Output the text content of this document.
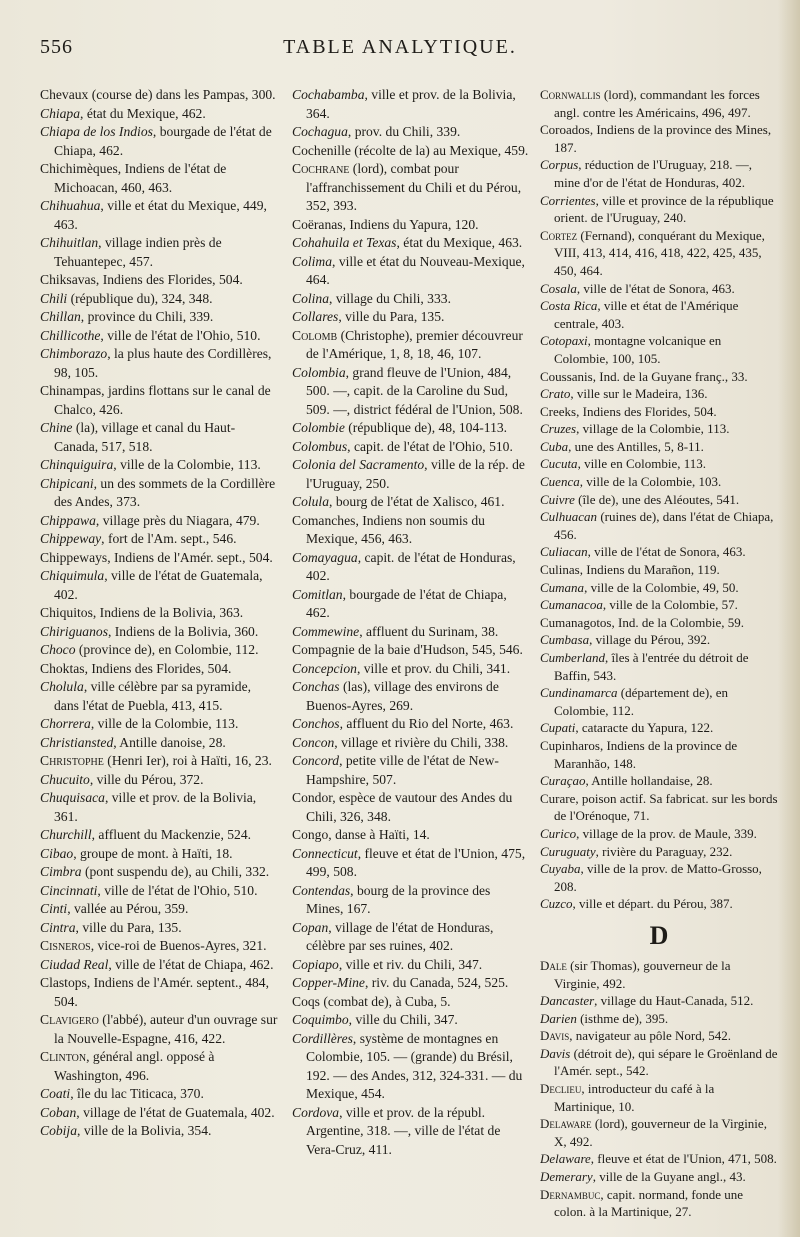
556	TABLE ANALYTIQUE.

Chevaux (course de) dans les Pampas, 300.

Chiapa, état du Mexique, 462.

Chiapa de los Indios, bourgade de l'état de Chiapa, 462.

Chichimèques, Indiens de l'état de Michoacan, 460, 463.

Chihuahua, ville et état du Mexique, 449, 463.

Chihuitlan, village indien près de Tehuantepec, 457.

Chiksavas, Indiens des Florides, 504.

Chili (république du), 324, 348.

Chillan, province du Chili, 339.

Chillicothe, ville de l'état de l'Ohio, 510.

Chimborazo, la plus haute des Cordillères, 98, 105.

Chinampas, jardins flottans sur le canal de Chalco, 426.

Chine (la), village et canal du Haut-Canada, 517, 518.

Chinquiguira, ville de la Colombie, 113.

Chipicani, un des sommets de la Cordillère des Andes, 373.

Chippawa, village près du Niagara, 479.

Chippeway, fort de l'Am. sept., 546.

Chippeways, Indiens de l'Amér. sept., 504.

Chiquimula, ville de l'état de Guatemala, 402.

Chiquitos, Indiens de la Bolivia, 363.

Chiriguanos, Indiens de la Bolivia, 360.

Choco (province de), en Colombie, 112.

Choktas, Indiens des Florides, 504.

Cholula, ville célèbre par sa pyramide, dans l'état de Puebla, 413, 415.

Chorrera, ville de la Colombie, 113.

Christiansted, Antille danoise, 28.

Christophe (Henri Ier), roi à Haïti, 16, 23.

Chucuito, ville du Pérou, 372.

Chuquisaca, ville et prov. de la Bolivia, 361.

Churchill, affluent du Mackenzie, 524.

Cibao, groupe de mont. à Haïti, 18.

Cimbra (pont suspendu de), au Chili, 332.

Cincinnati, ville de l'état de l'Ohio, 510.

Cinti, vallée au Pérou, 359.

Cintra, ville du Para, 135.

Cisneros, vice-roi de Buenos-Ayres, 321.

Ciudad Real, ville de l'état de Chiapa, 462.

Clastops, Indiens de l'Amér. septent., 484, 504.

Clavigero (l'abbé), auteur d'un ouvrage sur la Nouvelle-Espagne, 416, 422.

Clinton, général angl. opposé à Washington, 496.

Coati, île du lac Titicaca, 370.

Coban, village de l'état de Guatemala, 402.

Cobija, ville de la Bolivia, 354.

Cochabamba, ville et prov. de la Bolivia, 364.

Cochagua, prov. du Chili, 339.

Cochenille (récolte de la) au Mexique, 459.

Cochrane (lord), combat pour l'affranchissement du Chili et du Pérou, 352, 393.

Coëranas, Indiens du Yapura, 120.

Cohahuila et Texas, état du Mexique, 463.

Colima, ville et état du Nouveau-Mexique, 464.

Colina, village du Chili, 333.

Collares, ville du Para, 135.

Colomb (Christophe), premier découvreur de l'Amérique, 1, 8, 18, 46, 107.

Colombia, grand fleuve de l'Union, 484, 500. —, capit. de la Caroline du Sud, 509. —, district fédéral de l'Union, 508.

Colombie (république de), 48, 104-113.

Colombus, capit. de l'état de l'Ohio, 510.

Colonia del Sacramento, ville de la rép. de l'Uruguay, 250.

Colula, bourg de l'état de Xalisco, 461.

Comanches, Indiens non soumis du Mexique, 456, 463.

Comayagua, capit. de l'état de Honduras, 402.

Comitlan, bourgade de l'état de Chiapa, 462.

Commewine, affluent du Surinam, 38.

Compagnie de la baie d'Hudson, 545, 546.

Concepcion, ville et prov. du Chili, 341.

Conchas (las), village des environs de Buenos-Ayres, 269.

Conchos, affluent du Rio del Norte, 463.

Concon, village et rivière du Chili, 338.

Concord, petite ville de l'état de New-Hampshire, 507.

Condor, espèce de vautour des Andes du Chili, 326, 348.

Congo, danse à Haïti, 14.

Connecticut, fleuve et état de l'Union, 475, 499, 508.

Contendas, bourg de la province des Mines, 167.

Copan, village de l'état de Honduras, célèbre par ses ruines, 402.

Copiapo, ville et riv. du Chili, 347.

Copper-Mine, riv. du Canada, 524, 525.

Coqs (combat de), à Cuba, 5.

Coquimbo, ville du Chili, 347.

Cordillères, système de montagnes en Colombie, 105. — (grande) du Brésil, 192. — des Andes, 312, 324-331. — du Mexique, 454.

Cordova, ville et prov. de la républ. Argentine, 318. —, ville de l'état de Vera-Cruz, 411.

Cornwallis (lord), commandant les forces angl. contre les Américains, 496, 497.

Coroados, Indiens de la province des Mines, 187.

Corpus, réduction de l'Uruguay, 218. —, mine d'or de l'état de Honduras, 402.

Corrientes, ville et province de la république orient. de l'Uruguay, 240.

Cortez (Fernand), conquérant du Mexique, VIII, 413, 414, 416, 418, 422, 425, 435, 450, 464.

Cosala, ville de l'état de Sonora, 463.

Costa Rica, ville et état de l'Amérique centrale, 403.

Cotopaxi, montagne volcanique en Colombie, 100, 105.

Coussanis, Ind. de la Guyane franç., 33.

Crato, ville sur le Madeira, 136.

Creeks, Indiens des Florides, 504.

Cruzes, village de la Colombie, 113.

Cuba, une des Antilles, 5, 8-11.

Cucuta, ville en Colombie, 113.

Cuenca, ville de la Colombie, 103.

Cuivre (île de), une des Aléoutes, 541.

Culhuacan (ruines de), dans l'état de Chiapa, 456.

Culiacan, ville de l'état de Sonora, 463.

Culinas, Indiens du Marañon, 119.

Cumana, ville de la Colombie, 49, 50.

Cumanacoa, ville de la Colombie, 57.

Cumanagotos, Ind. de la Colombie, 59.

Cumbasa, village du Pérou, 392.

Cumberland, îles à l'entrée du détroit de Baffin, 543.

Cundinamarca (département de), en Colombie, 112.

Cupati, cataracte du Yapura, 122.

Cupinharos, Indiens de la province de Maranhão, 148.

Curaçao, Antille hollandaise, 28.

Curare, poison actif. Sa fabricat. sur les bords de l'Orénoque, 71.

Curico, village de la prov. de Maule, 339.

Curuguaty, rivière du Paraguay, 232.

Cuyaba, ville de la prov. de Matto-Grosso, 208.

Cuzco, ville et départ. du Pérou, 387.

D

Dale (sir Thomas), gouverneur de la Virginie, 492.

Dancaster, village du Haut-Canada, 512.

Darien (isthme de), 395.

Davis, navigateur au pôle Nord, 542.

Davis (détroit de), qui sépare le Groënland de l'Amér. sept., 542.

Declieu, introducteur du café à la Martinique, 10.

Delaware (lord), gouverneur de la Virginie, X, 492.

Delaware, fleuve et état de l'Union, 471, 508.

Demerary, ville de la Guyane angl., 43.

Dernambuc, capit. normand, fonde une colon. à la Martinique, 27.
